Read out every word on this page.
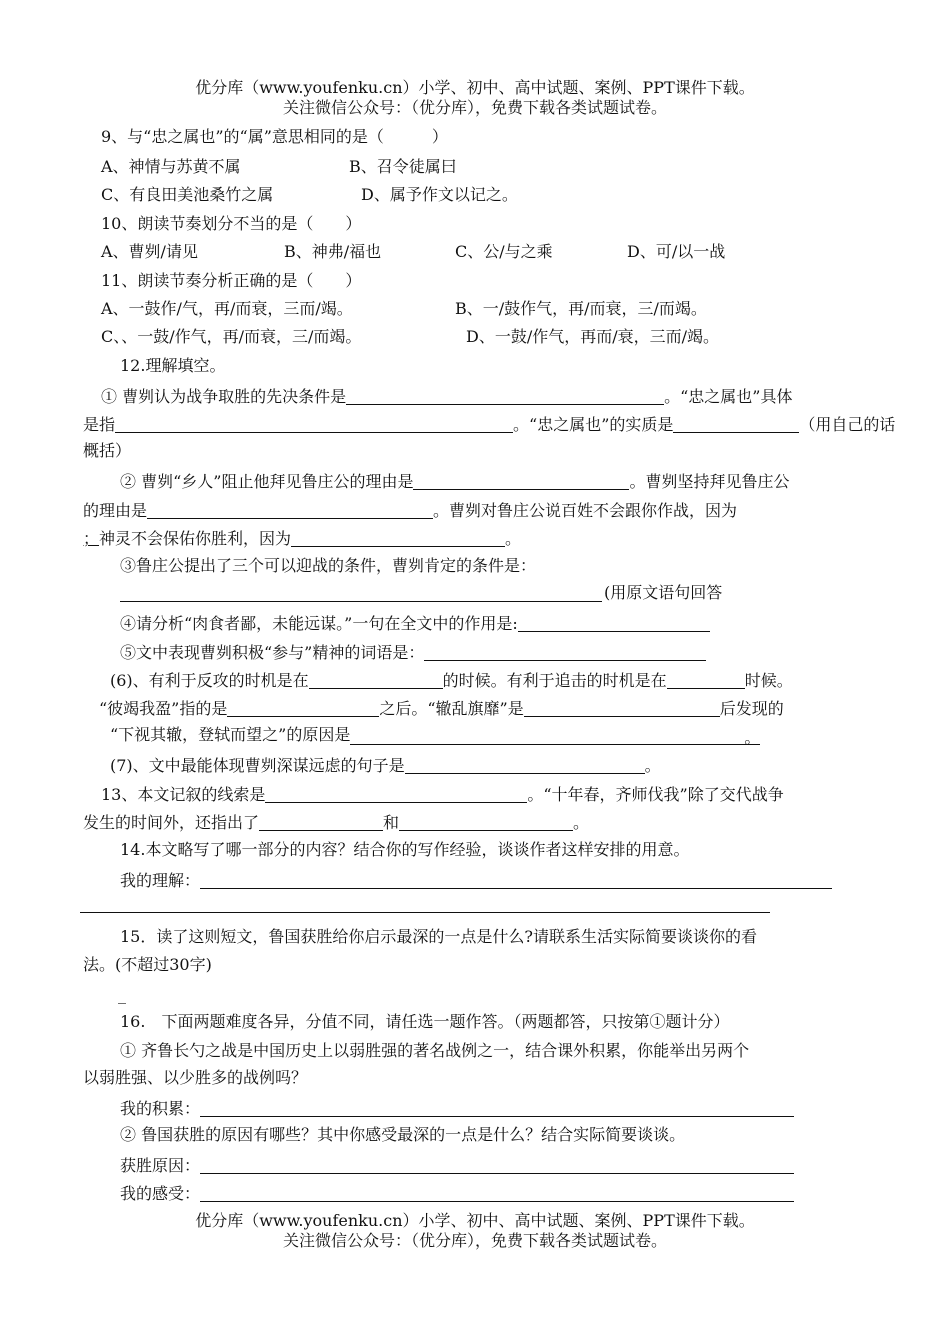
优分库（www.youfenku.cn）小学、初中、高中试题、案例、PPT课件下载。
关注微信公众号：（优分库），免费下载各类试题试卷。
9、与“忠之属也”的“属”意思相同的是（　　　）
A、神情与苏黄不属	B、召令徒属曰
C、有良田美池桑竹之属	D、属予作文以记之。
10、朗读节奏划分不当的是（　　）
A、曹刿/请见	B、神弗/福也	C、公/与之乘	D、可/以一战
11、朗读节奏分析正确的是（　　）
A、一鼓作/气，再/而衰，三而/竭。	B、一/鼓作气，再/而衰，三/而竭。
C、、一鼓/作气，再/而衰，三/而竭。	D、一鼓/作气，再而/衰，三而/竭。
12.理解填空。
① 曹刿认为战争取胜的先决条件是	。“忠之属也”具体
是指	。“忠之属也”的实质是	（用自己的话
概括）
② 曹刿“乡人”阻止他拜见鲁庄公的理由是	。曹刿坚持拜见鲁庄公
的理由是	。曹刿对鲁庄公说百姓不会跟你作战，因为
；神灵不会保佑你胜利，因为	。
③鲁庄公提出了三个可以迎战的条件，曹刿肯定的条件是：
(用原文语句回答
④请分析“肉食者鄙，未能远谋。”一句在全文中的作用是:
⑤文中表现曹刿积极“参与”精神的词语是：
(6)、有利于反攻的时机是在	的时候。有利于追击的时机是在	时候。
“彼竭我盈”指的是	之后。“辙乱旗靡”是	后发现的
“下视其辙，登轼而望之”的原因是	。
(7)、文中最能体现曹刿深谋远虑的句子是	。
13、本文记叙的线索是	。“十年春，齐师伐我”除了交代战争
发生的时间外，还指出了	和	。
14.本文略写了哪一部分的内容？结合你的写作经验，谈谈作者这样安排的用意。
我的理解：
15．读了这则短文，鲁国获胜给你启示最深的一点是什么?请联系生活实际简要谈谈你的看
法。(不超过30字)
_
16.　下面两题难度各异，分值不同，请任选一题作答。（两题都答，只按第①题计分）
① 齐鲁长勺之战是中国历史上以弱胜强的著名战例之一，结合课外积累，你能举出另两个
以弱胜强、以少胜多的战例吗？
我的积累：
② 鲁国获胜的原因有哪些？其中你感受最深的一点是什么？结合实际简要谈谈。
获胜原因：
我的感受：
优分库（www.youfenku.cn）小学、初中、高中试题、案例、PPT课件下载。
关注微信公众号：（优分库），免费下载各类试题试卷。
